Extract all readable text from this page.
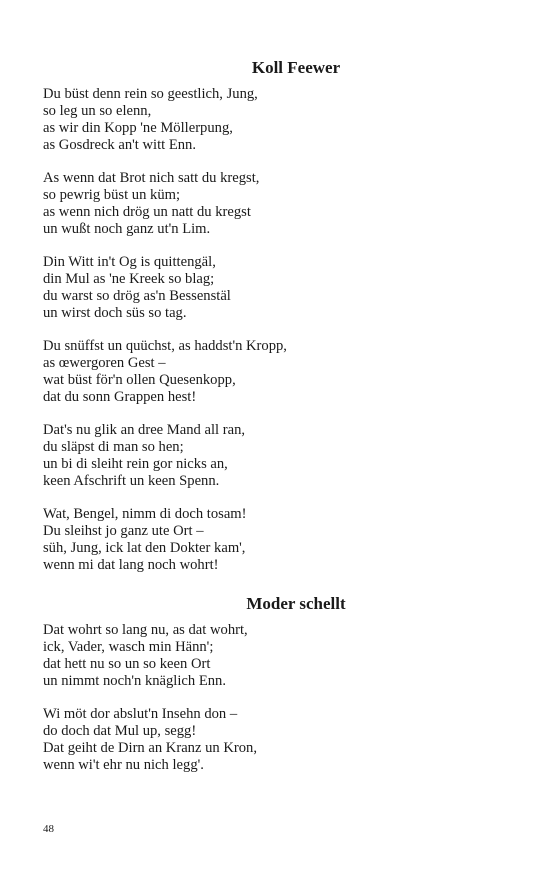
Koll Feewer
Du büst denn rein so geestlich, Jung,
so leg un so elenn,
as wir din Kopp 'ne Möllerpung,
as Gosdreck an't witt Enn.
As wenn dat Brot nich satt du kregst,
so pewrig büst un küm;
as wenn nich drög un natt du kregst
un wußt noch ganz ut'n Lim.
Din Witt in't Og is quittengäl,
din Mul as 'ne Kreek so blag;
du warst so drög as'n Bessenstäl
un wirst doch süs so tag.
Du snüffst un quüchst, as haddst'n Kropp,
as œwergoren Gest –
wat büst för'n ollen Quesenkopp,
dat du sonn Grappen hest!
Dat's nu glik an dree Mand all ran,
du släpst di man so hen;
un bi di sleiht rein gor nicks an,
keen Afschrift un keen Spenn.
Wat, Bengel, nimm di doch tosam!
Du sleihst jo ganz ute Ort –
süh, Jung, ick lat den Dokter kam',
wenn mi dat lang noch wohrt!
Moder schellt
Dat wohrt so lang nu, as dat wohrt,
ick, Vader, wasch min Hänn';
dat hett nu so un so keen Ort
un nimmt noch'n knäglich Enn.
Wi möt dor abslut'n Insehn don –
do doch dat Mul up, segg!
Dat geiht de Dirn an Kranz un Kron,
wenn wi't ehr nu nich legg'.
48
